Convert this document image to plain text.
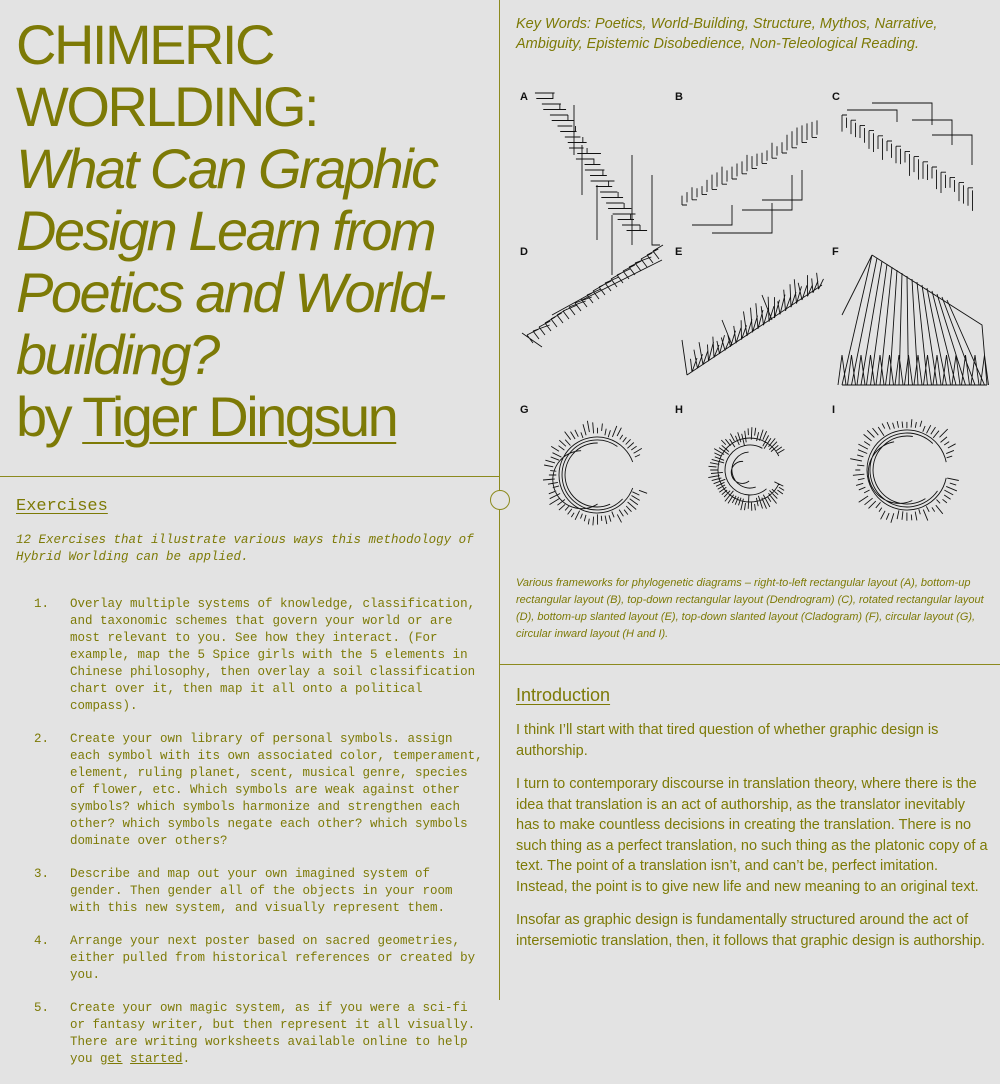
CHIMERIC
WORLDING:
What Can Graphic Design Learn from Poetics and World-building?
by Tiger Dingsun
Exercises
12 Exercises that illustrate various ways this methodology of Hybrid Worlding can be applied.
1. Overlay multiple systems of knowledge, classification, and taxonomic schemes that govern your world or are most relevant to you. See how they interact. (For example, map the 5 Spice girls with the 5 elements in Chinese philosophy, then overlay a soil classification chart over it, then map it all onto a political compass).
2. Create your own library of personal symbols. assign each symbol with its own associated color, temperament, element, ruling planet, scent, musical genre, species of flower, etc. Which symbols are weak against other symbols? which symbols harmonize and strengthen each other? which symbols negate each other? which symbols dominate over others?
3. Describe and map out your own imagined system of gender. Then gender all of the objects in your room with this new system, and visually represent them.
4. Arrange your next poster based on sacred geometries, either pulled from historical references or created by you.
5. Create your own magic system, as if you were a sci-fi or fantasy writer, but then represent it all visually. There are writing worksheets available online to help you get started.
Key Words: Poetics, World-Building, Structure, Mythos, Narrative, Ambiguity, Epistemic Disobedience, Non-Teleological Reading.
A	B	C
D	E	F
G	H	I
Various frameworks for phylogenetic diagrams – right-to-left rectangular layout (A), bottom-up rectangular layout (B), top-down rectangular layout (Dendrogram) (C), rotated rectangular layout (D), bottom-up slanted layout (E), top-down slanted layout (Cladogram) (F), circular layout (G), circular inward layout (H and I).
Introduction

I think I’ll start with that tired question of whether graphic design is authorship.

I turn to contemporary discourse in translation theory, where there is the idea that translation is an act of authorship, as the translator inevitably has to make countless decisions in creating the translation. There is no such thing as a perfect translation, no such thing as the platonic copy of a text. The point of a translation isn’t, and can’t be, perfect imitation. Instead, the point is to give new life and new meaning to an original text.

Insofar as graphic design is fundamentally structured around the act of intersemiotic translation, then, it follows that graphic design is authorship.
